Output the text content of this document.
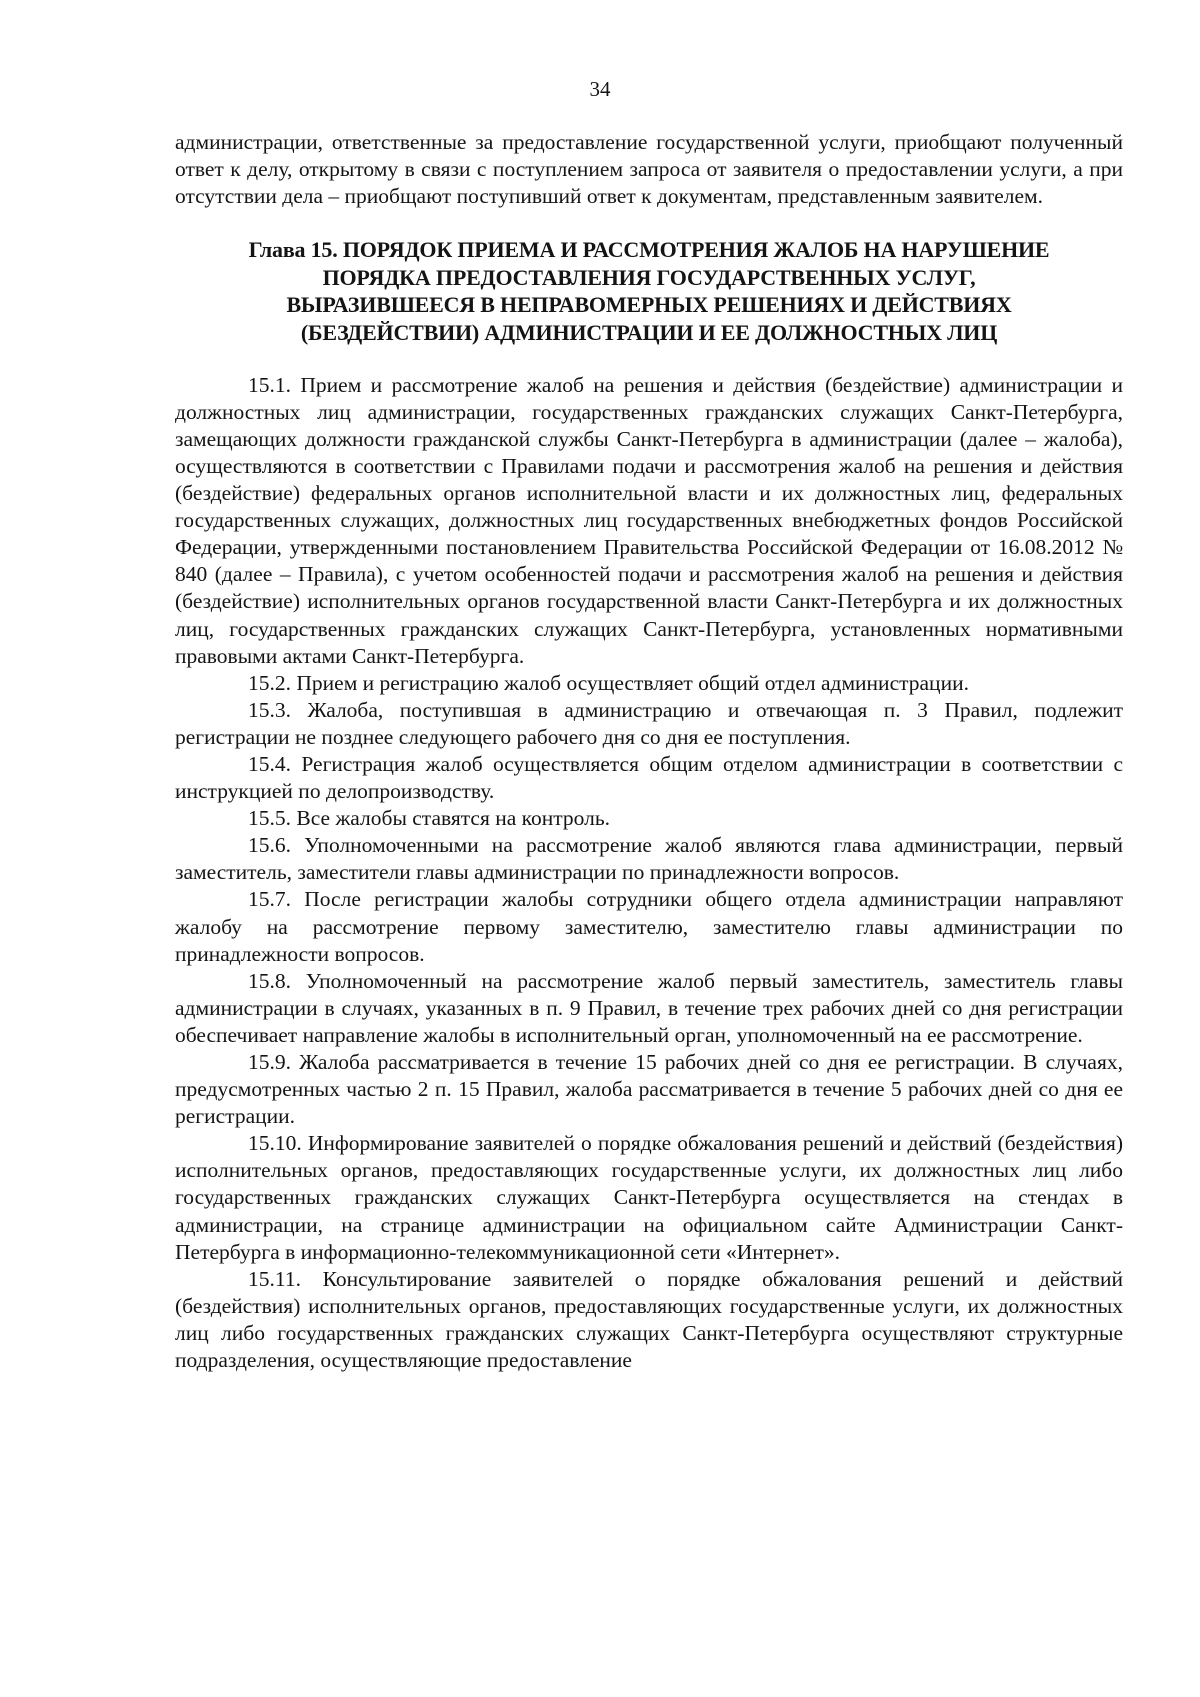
34

администрации, ответственные за предоставление государственной услуги, приобщают полученный ответ к делу, открытому в связи с поступлением запроса от заявителя о предоставлении услуги, а при отсутствии дела – приобщают поступивший ответ к документам, представленным заявителем.

Глава 15. ПОРЯДОК ПРИЕМА И РАССМОТРЕНИЯ ЖАЛОБ НА НАРУШЕНИЕ
ПОРЯДКА ПРЕДОСТАВЛЕНИЯ ГОСУДАРСТВЕННЫХ УСЛУГ,
ВЫРАЗИВШЕЕСЯ В НЕПРАВОМЕРНЫХ РЕШЕНИЯХ И ДЕЙСТВИЯХ
(БЕЗДЕЙСТВИИ) АДМИНИСТРАЦИИ И ЕЕ ДОЛЖНОСТНЫХ ЛИЦ

15.1. Прием и рассмотрение жалоб на решения и действия (бездействие) администрации и должностных лиц администрации, государственных гражданских служащих Санкт-Петербурга, замещающих должности гражданской службы Санкт-Петербурга в администрации (далее – жалоба), осуществляются в соответствии с Правилами подачи и рассмотрения жалоб на решения и действия (бездействие) федеральных органов исполнительной власти и их должностных лиц, федеральных государственных служащих, должностных лиц государственных внебюджетных фондов Российской Федерации, утвержденными постановлением Правительства Российской Федерации от 16.08.2012 № 840 (далее – Правила), с учетом особенностей подачи и рассмотрения жалоб на решения и действия (бездействие) исполнительных органов государственной власти Санкт-Петербурга и их должностных лиц, государственных гражданских служащих Санкт-Петербурга, установленных нормативными правовыми актами Санкт-Петербурга.

15.2. Прием и регистрацию жалоб осуществляет общий отдел администрации.

15.3. Жалоба, поступившая в администрацию и отвечающая п. 3 Правил, подлежит регистрации не позднее следующего рабочего дня со дня ее поступления.

15.4. Регистрация жалоб осуществляется общим отделом администрации в соответствии с инструкцией по делопроизводству.

15.5. Все жалобы ставятся на контроль.

15.6. Уполномоченными на рассмотрение жалоб являются глава администрации, первый заместитель, заместители главы администрации по принадлежности вопросов.

15.7. После регистрации жалобы сотрудники общего отдела администрации направляют жалобу на рассмотрение первому заместителю, заместителю главы администрации по принадлежности вопросов.

15.8. Уполномоченный на рассмотрение жалоб первый заместитель, заместитель главы администрации в случаях, указанных в п. 9 Правил, в течение трех рабочих дней со дня регистрации обеспечивает направление жалобы в исполнительный орган, уполномоченный на ее рассмотрение.

15.9. Жалоба рассматривается в течение 15 рабочих дней со дня ее регистрации. В случаях, предусмотренных частью 2 п. 15 Правил, жалоба рассматривается в течение 5 рабочих дней со дня ее регистрации.

15.10. Информирование заявителей о порядке обжалования решений и действий (бездействия) исполнительных органов, предоставляющих государственные услуги, их должностных лиц либо государственных гражданских служащих Санкт-Петербурга осуществляется на стендах в администрации, на странице администрации на официальном сайте Администрации Санкт-Петербурга в информационно-телекоммуникационной сети «Интернет».

15.11. Консультирование заявителей о порядке обжалования решений и действий (бездействия) исполнительных органов, предоставляющих государственные услуги, их должностных лиц либо государственных гражданских служащих Санкт-Петербурга осуществляют структурные подразделения, осуществляющие предоставление
